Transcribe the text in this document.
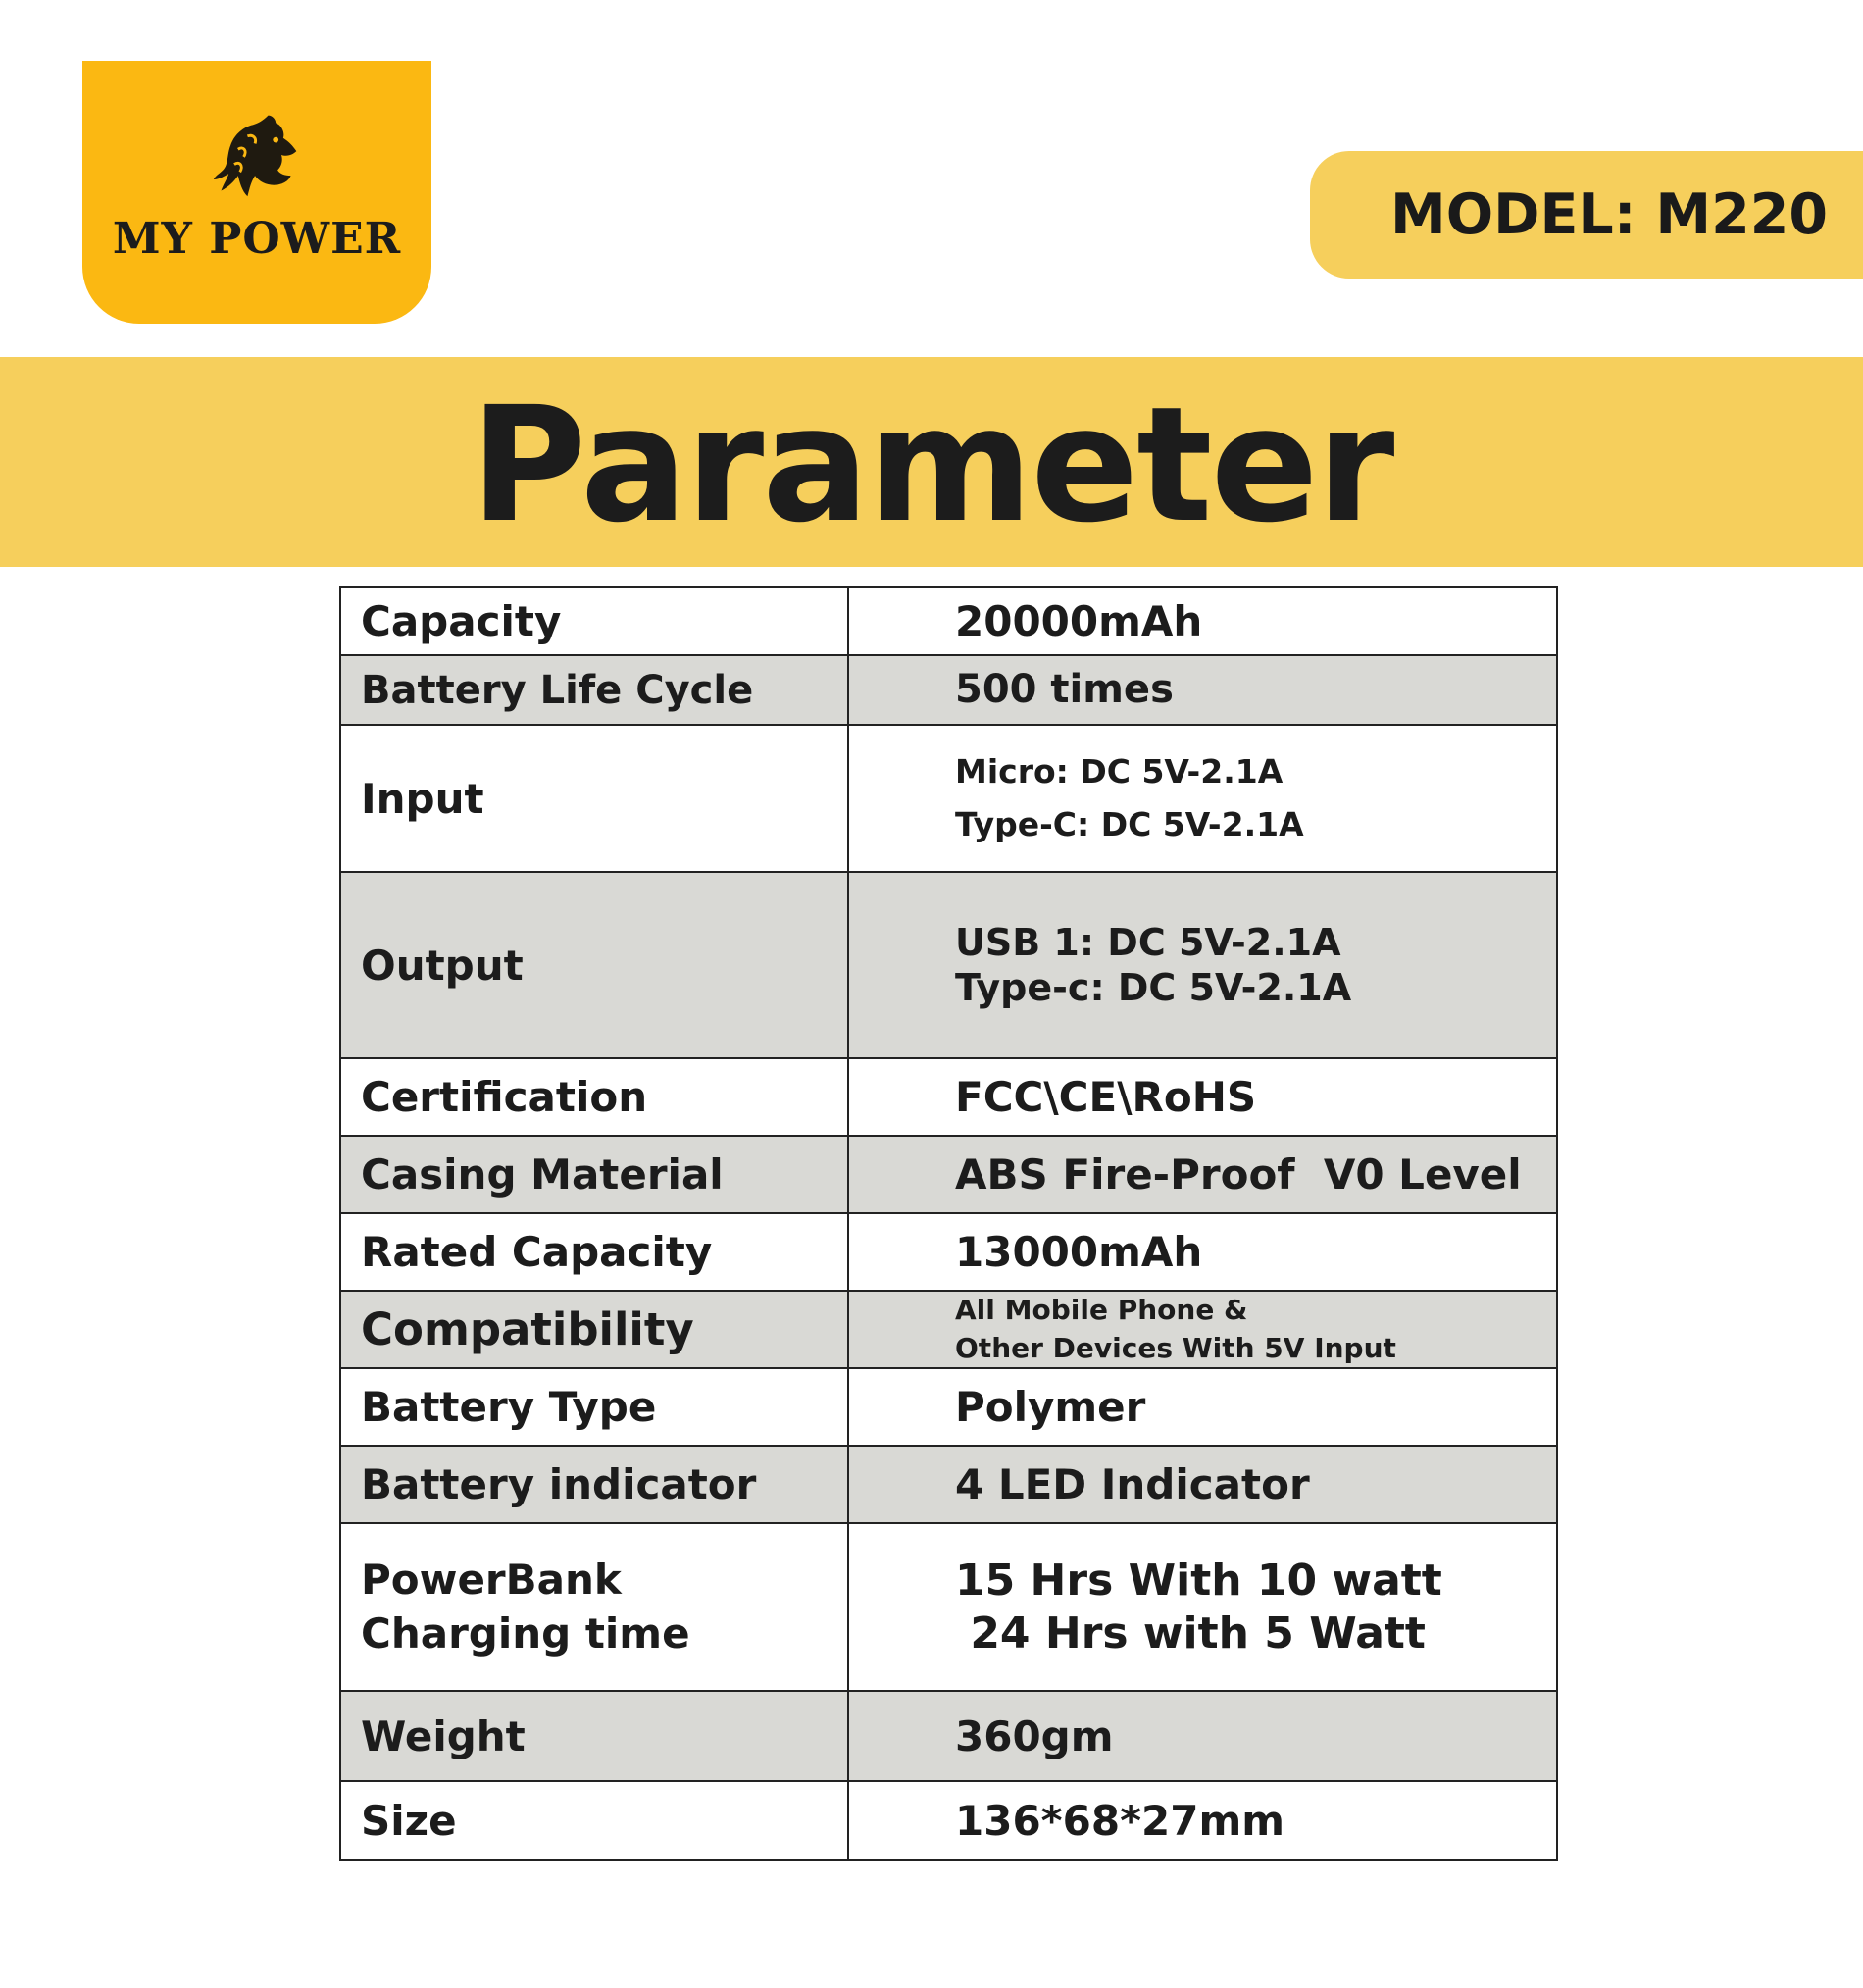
MY POWER	MODEL: M220
Parameter
Capacity	20000mAh

Battery Life Cycle	500 times

Input	Micro: DC 5V-2.1A
Type-C: DC 5V-2.1A

Output	USB 1: DC 5V-2.1A
Type-c: DC 5V-2.1A

Certification	FCC\CE\RoHS

Casing Material	ABS Fire-Proof  V0 Level

Rated Capacity	13000mAh

Compatibility	All Mobile Phone &
Other Devices With 5V Input

Battery Type	Polymer

Battery indicator	4 LED Indicator

PowerBank
Charging time	15 Hrs With 10 watt
24 Hrs with 5 Watt

Weight	360gm

Size	136*68*27mm
